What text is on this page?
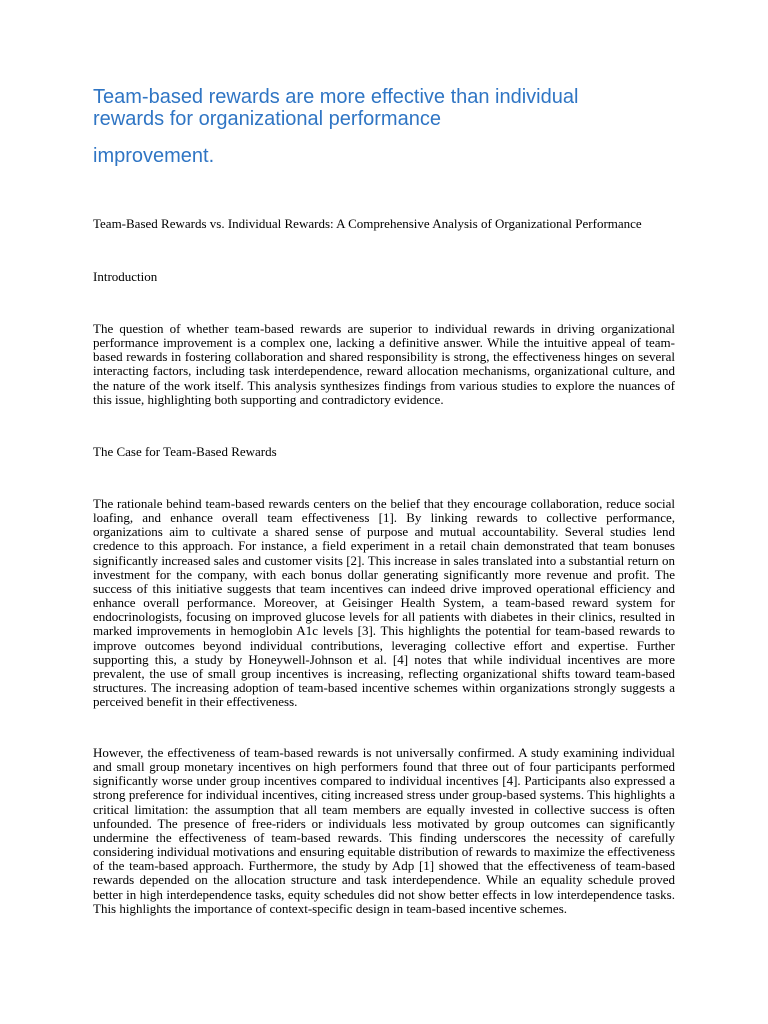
Team-based rewards are more effective than individual rewards for organizational performance

improvement.

Team-Based Rewards vs. Individual Rewards: A Comprehensive Analysis of Organizational Performance

Introduction

The question of whether team-based rewards are superior to individual rewards in driving organizational performance improvement is a complex one, lacking a definitive answer. While the intuitive appeal of team-based rewards in fostering collaboration and shared responsibility is strong, the effectiveness hinges on several interacting factors, including task interdependence, reward allocation mechanisms, organizational culture, and the nature of the work itself. This analysis synthesizes findings from various studies to explore the nuances of this issue, highlighting both supporting and contradictory evidence.

The Case for Team-Based Rewards

The rationale behind team-based rewards centers on the belief that they encourage collaboration, reduce social loafing, and enhance overall team effectiveness [1]. By linking rewards to collective performance, organizations aim to cultivate a shared sense of purpose and mutual accountability. Several studies lend credence to this approach. For instance, a field experiment in a retail chain demonstrated that team bonuses significantly increased sales and customer visits [2]. This increase in sales translated into a substantial return on investment for the company, with each bonus dollar generating significantly more revenue and profit. The success of this initiative suggests that team incentives can indeed drive improved operational efficiency and enhance overall performance. Moreover, at Geisinger Health System, a team-based reward system for endocrinologists, focusing on improved glucose levels for all patients with diabetes in their clinics, resulted in marked improvements in hemoglobin A1c levels [3]. This highlights the potential for team-based rewards to improve outcomes beyond individual contributions, leveraging collective effort and expertise. Further supporting this, a study by Honeywell-Johnson et al. [4] notes that while individual incentives are more prevalent, the use of small group incentives is increasing, reflecting organizational shifts toward team-based structures. The increasing adoption of team-based incentive schemes within organizations strongly suggests a perceived benefit in their effectiveness.

However, the effectiveness of team-based rewards is not universally confirmed. A study examining individual and small group monetary incentives on high performers found that three out of four participants performed significantly worse under group incentives compared to individual incentives [4]. Participants also expressed a strong preference for individual incentives, citing increased stress under group-based systems. This highlights a critical limitation: the assumption that all team members are equally invested in collective success is often unfounded. The presence of free-riders or individuals less motivated by group outcomes can significantly undermine the effectiveness of team-based rewards. This finding underscores the necessity of carefully considering individual motivations and ensuring equitable distribution of rewards to maximize the effectiveness of the team-based approach. Furthermore, the study by Adp [1] showed that the effectiveness of team-based rewards depended on the allocation structure and task interdependence. While an equality schedule proved better in high interdependence tasks, equity schedules did not show better effects in low interdependence tasks. This highlights the importance of context-specific design in team-based incentive schemes.
